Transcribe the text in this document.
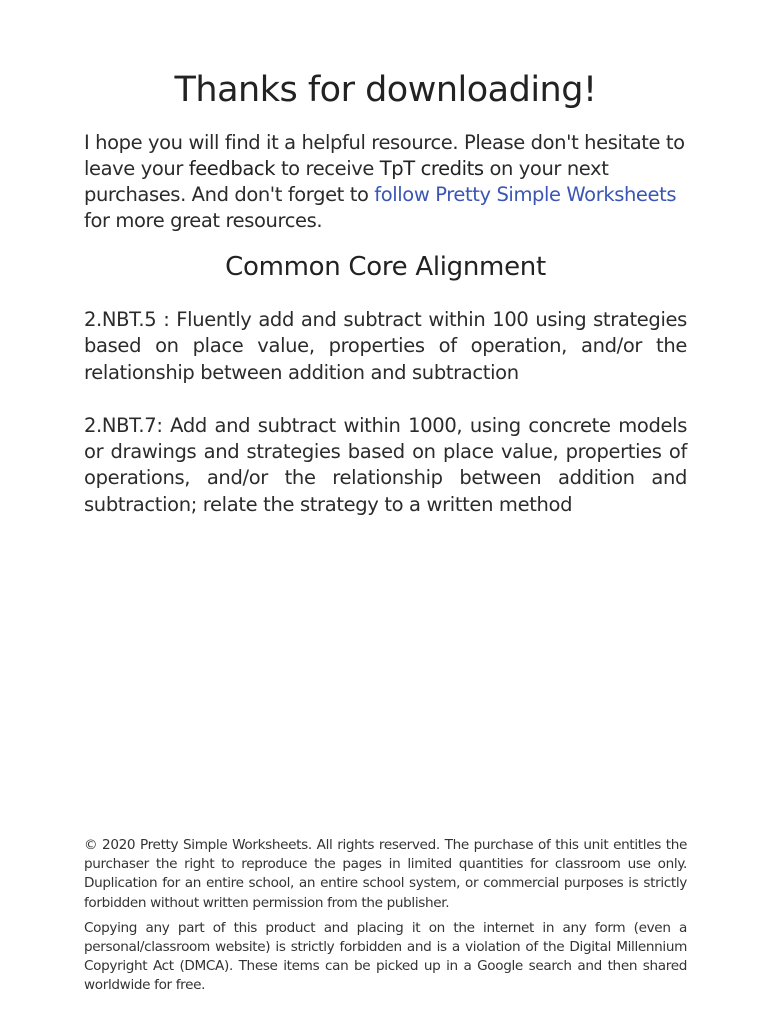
Thanks for downloading!

I hope you will find it a helpful resource. Please don't hesitate to leave your feedback to receive TpT credits on your next purchases. And don't forget to follow Pretty Simple Worksheets for more great resources.

Common Core Alignment

2.NBT.5 : Fluently add and subtract within 100 using strategies based on place value, properties of operation, and/or the relationship between addition and subtraction

2.NBT.7: Add and subtract within 1000, using concrete models or drawings and strategies based on place value, properties of operations, and/or the relationship between addition and subtraction; relate the strategy to a written method

© 2020 Pretty Simple Worksheets. All rights reserved. The purchase of this unit entitles the purchaser the right to reproduce the pages in limited quantities for classroom use only. Duplication for an entire school, an entire school system, or commercial purposes is strictly forbidden without written permission from the publisher.

Copying any part of this product and placing it on the internet in any form (even a personal/classroom website) is strictly forbidden and is a violation of the Digital Millennium Copyright Act (DMCA). These items can be picked up in a Google search and then shared worldwide for free.
